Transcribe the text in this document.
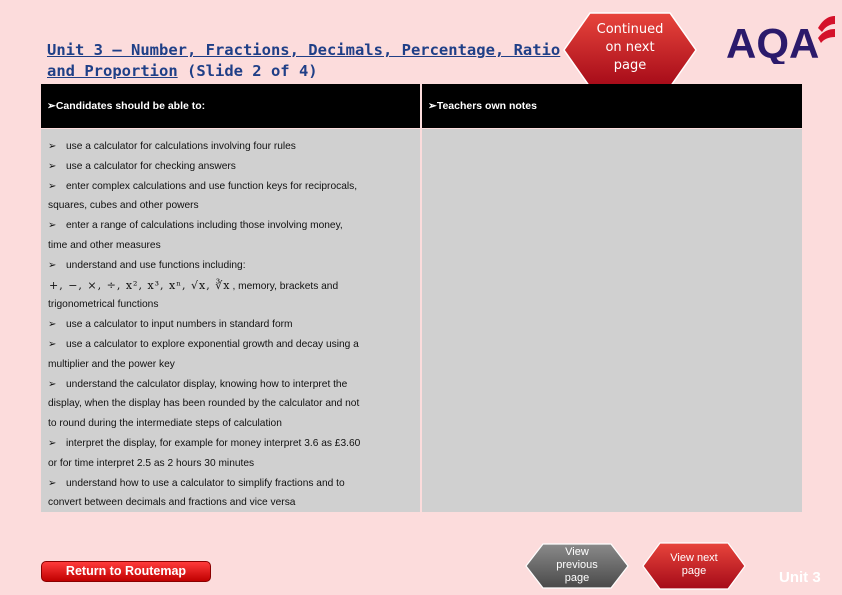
Unit 3 – Number, Fractions, Decimals, Percentage, Ratio and Proportion (Slide 2 of 4)
Continued
on next
page	AQA
➢Candidates should be able to:	➢Teachers own notes
➢ use a calculator for calculations involving four rules
➢ use a calculator for checking answers
➢ enter complex calculations and use function keys for reciprocals,
squares, cubes and other powers
➢ enter a range of calculations including those involving money,
time and other measures
➢ understand and use functions including:
+, −, ×, ÷, x², x³, xⁿ, √x, ∛x , memory, brackets and
trigonometrical functions
➢ use a calculator to input numbers in standard form
➢ use a calculator to explore exponential growth and decay using a
multiplier and the power key
➢ understand the calculator display, knowing how to interpret the
display, when the display has been rounded by the calculator and not
to round during the intermediate steps of calculation
➢ interpret the display, for example for money interpret 3.6 as £3.60
or for time interpret 2.5 as 2 hours 30 minutes
➢ understand how to use a calculator to simplify fractions and to
convert between decimals and fractions and vice versa
Return to Routemap
View
previous
page
View next
page	Unit 3
